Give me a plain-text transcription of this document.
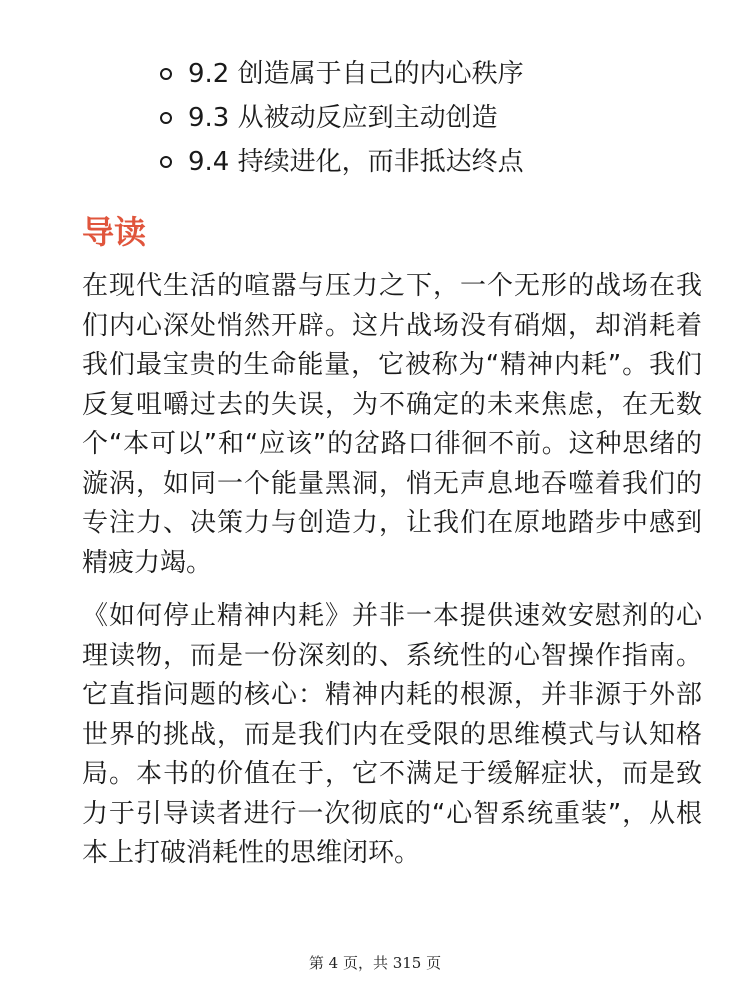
9.2 创造属于自己的内心秩序
9.3 从被动反应到主动创造
9.4 持续进化，而非抵达终点
导读

在现代生活的喧嚣与压力之下，一个无形的战场在我们内心深处悄然开辟。这片战场没有硝烟，却消耗着我们最宝贵的生命能量，它被称为“精神内耗”。我们反复咀嚼过去的失误，为不确定的未来焦虑，在无数个“本可以”和“应该”的岔路口徘徊不前。这种思绪的漩涡，如同一个能量黑洞，悄无声息地吞噬着我们的专注力、决策力与创造力，让我们在原地踏步中感到精疲力竭。

《如何停止精神内耗》并非一本提供速效安慰剂的心理读物，而是一份深刻的、系统性的心智操作指南。它直指问题的核心：精神内耗的根源，并非源于外部世界的挑战，而是我们内在受限的思维模式与认知格局。本书的价值在于，它不满足于缓解症状，而是致力于引导读者进行一次彻底的“心智系统重装”，从根本上打破消耗性的思维闭环。

第 4 页，共 315 页
